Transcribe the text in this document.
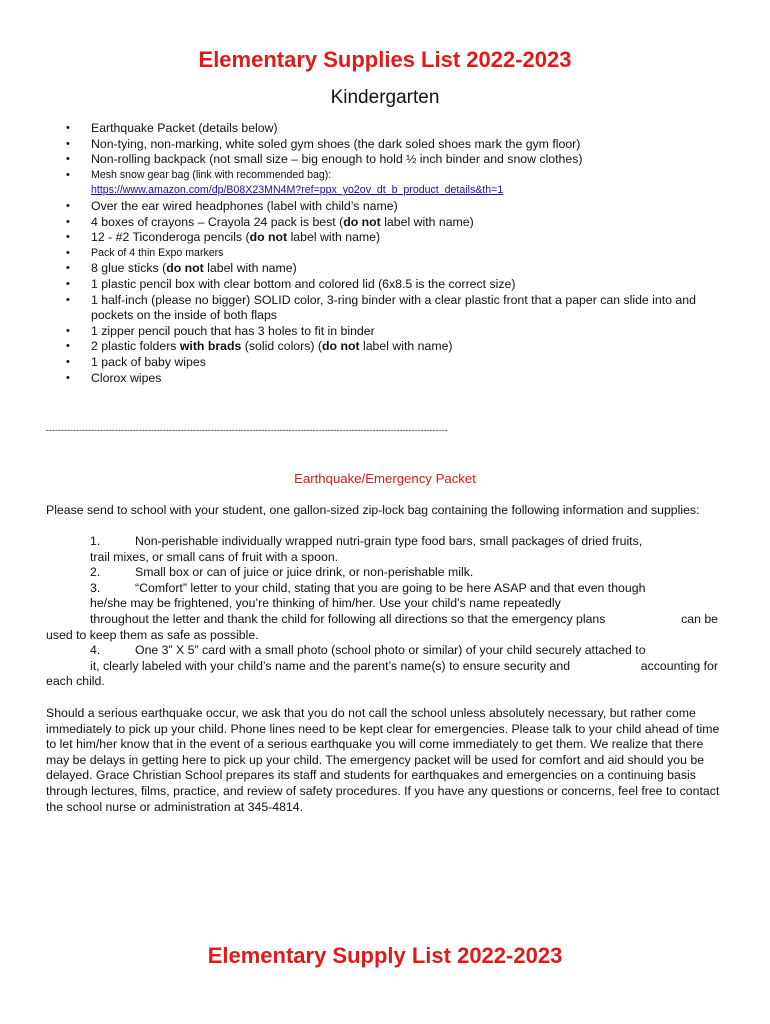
Elementary Supplies List 2022-2023
Kindergarten
• Earthquake Packet (details below)
• Non-tying, non-marking, white soled gym shoes (the dark soled shoes mark the gym floor)
• Non-rolling backpack (not small size – big enough to hold ½ inch binder and snow clothes)
• Mesh snow gear bag (link with recommended bag):
https://www.amazon.com/dp/B08X23MN4M?ref=ppx_yo2ov_dt_b_product_details&th=1
• Over the ear wired headphones (label with child’s name)
• 4 boxes of crayons – Crayola 24 pack is best (do not label with name)
• 12 - #2 Ticonderoga pencils (do not label with name)
• Pack of 4 thin Expo markers
• 8 glue sticks (do not label with name)
• 1 plastic pencil box with clear bottom and colored lid (6x8.5 is the correct size)
• 1 half-inch (please no bigger) SOLID color, 3-ring binder with a clear plastic front that a paper can slide into and pockets on the inside of both flaps
• 1 zipper pencil pouch that has 3 holes to fit in binder
• 2 plastic folders with brads (solid colors) (do not label with name)
• 1 pack of baby wipes
• Clorox wipes
--------------------------------------------------------------------------------------------------------------------------------------
Earthquake/Emergency Packet
Please send to school with your student, one gallon-sized zip-lock bag containing the following information and supplies:
1.	Non-perishable individually wrapped nutri-grain type food bars, small packages of dried fruits,
trail mixes, or small cans of fruit with a spoon.
2.	Small box or can of juice or juice drink, or non-perishable milk.
3.	“Comfort” letter to your child, stating that you are going to be here ASAP and that even though
he/she may be frightened, you’re thinking of him/her. Use your child’s name repeatedly
throughout the letter and thank the child for following all directions so that the emergency plans	can be
used to keep them as safe as possible.
4.	One 3” X 5” card with a small photo (school photo or similar) of your child securely attached to
it, clearly labeled with your child’s name and the parent’s name(s) to ensure security and	accounting for
each child.
Should a serious earthquake occur, we ask that you do not call the school unless absolutely necessary, but rather come immediately to pick up your child. Phone lines need to be kept clear for emergencies. Please talk to your child ahead of time to let him/her know that in the event of a serious earthquake you will come immediately to get them. We realize that there may be delays in getting here to pick up your child. The emergency packet will be used for comfort and aid should you be delayed. Grace Christian School prepares its staff and students for earthquakes and emergencies on a continuing basis through lectures, films, practice, and review of safety procedures. If you have any questions or concerns, feel free to contact the school nurse or administration at 345-4814.
Elementary Supply List 2022-2023
